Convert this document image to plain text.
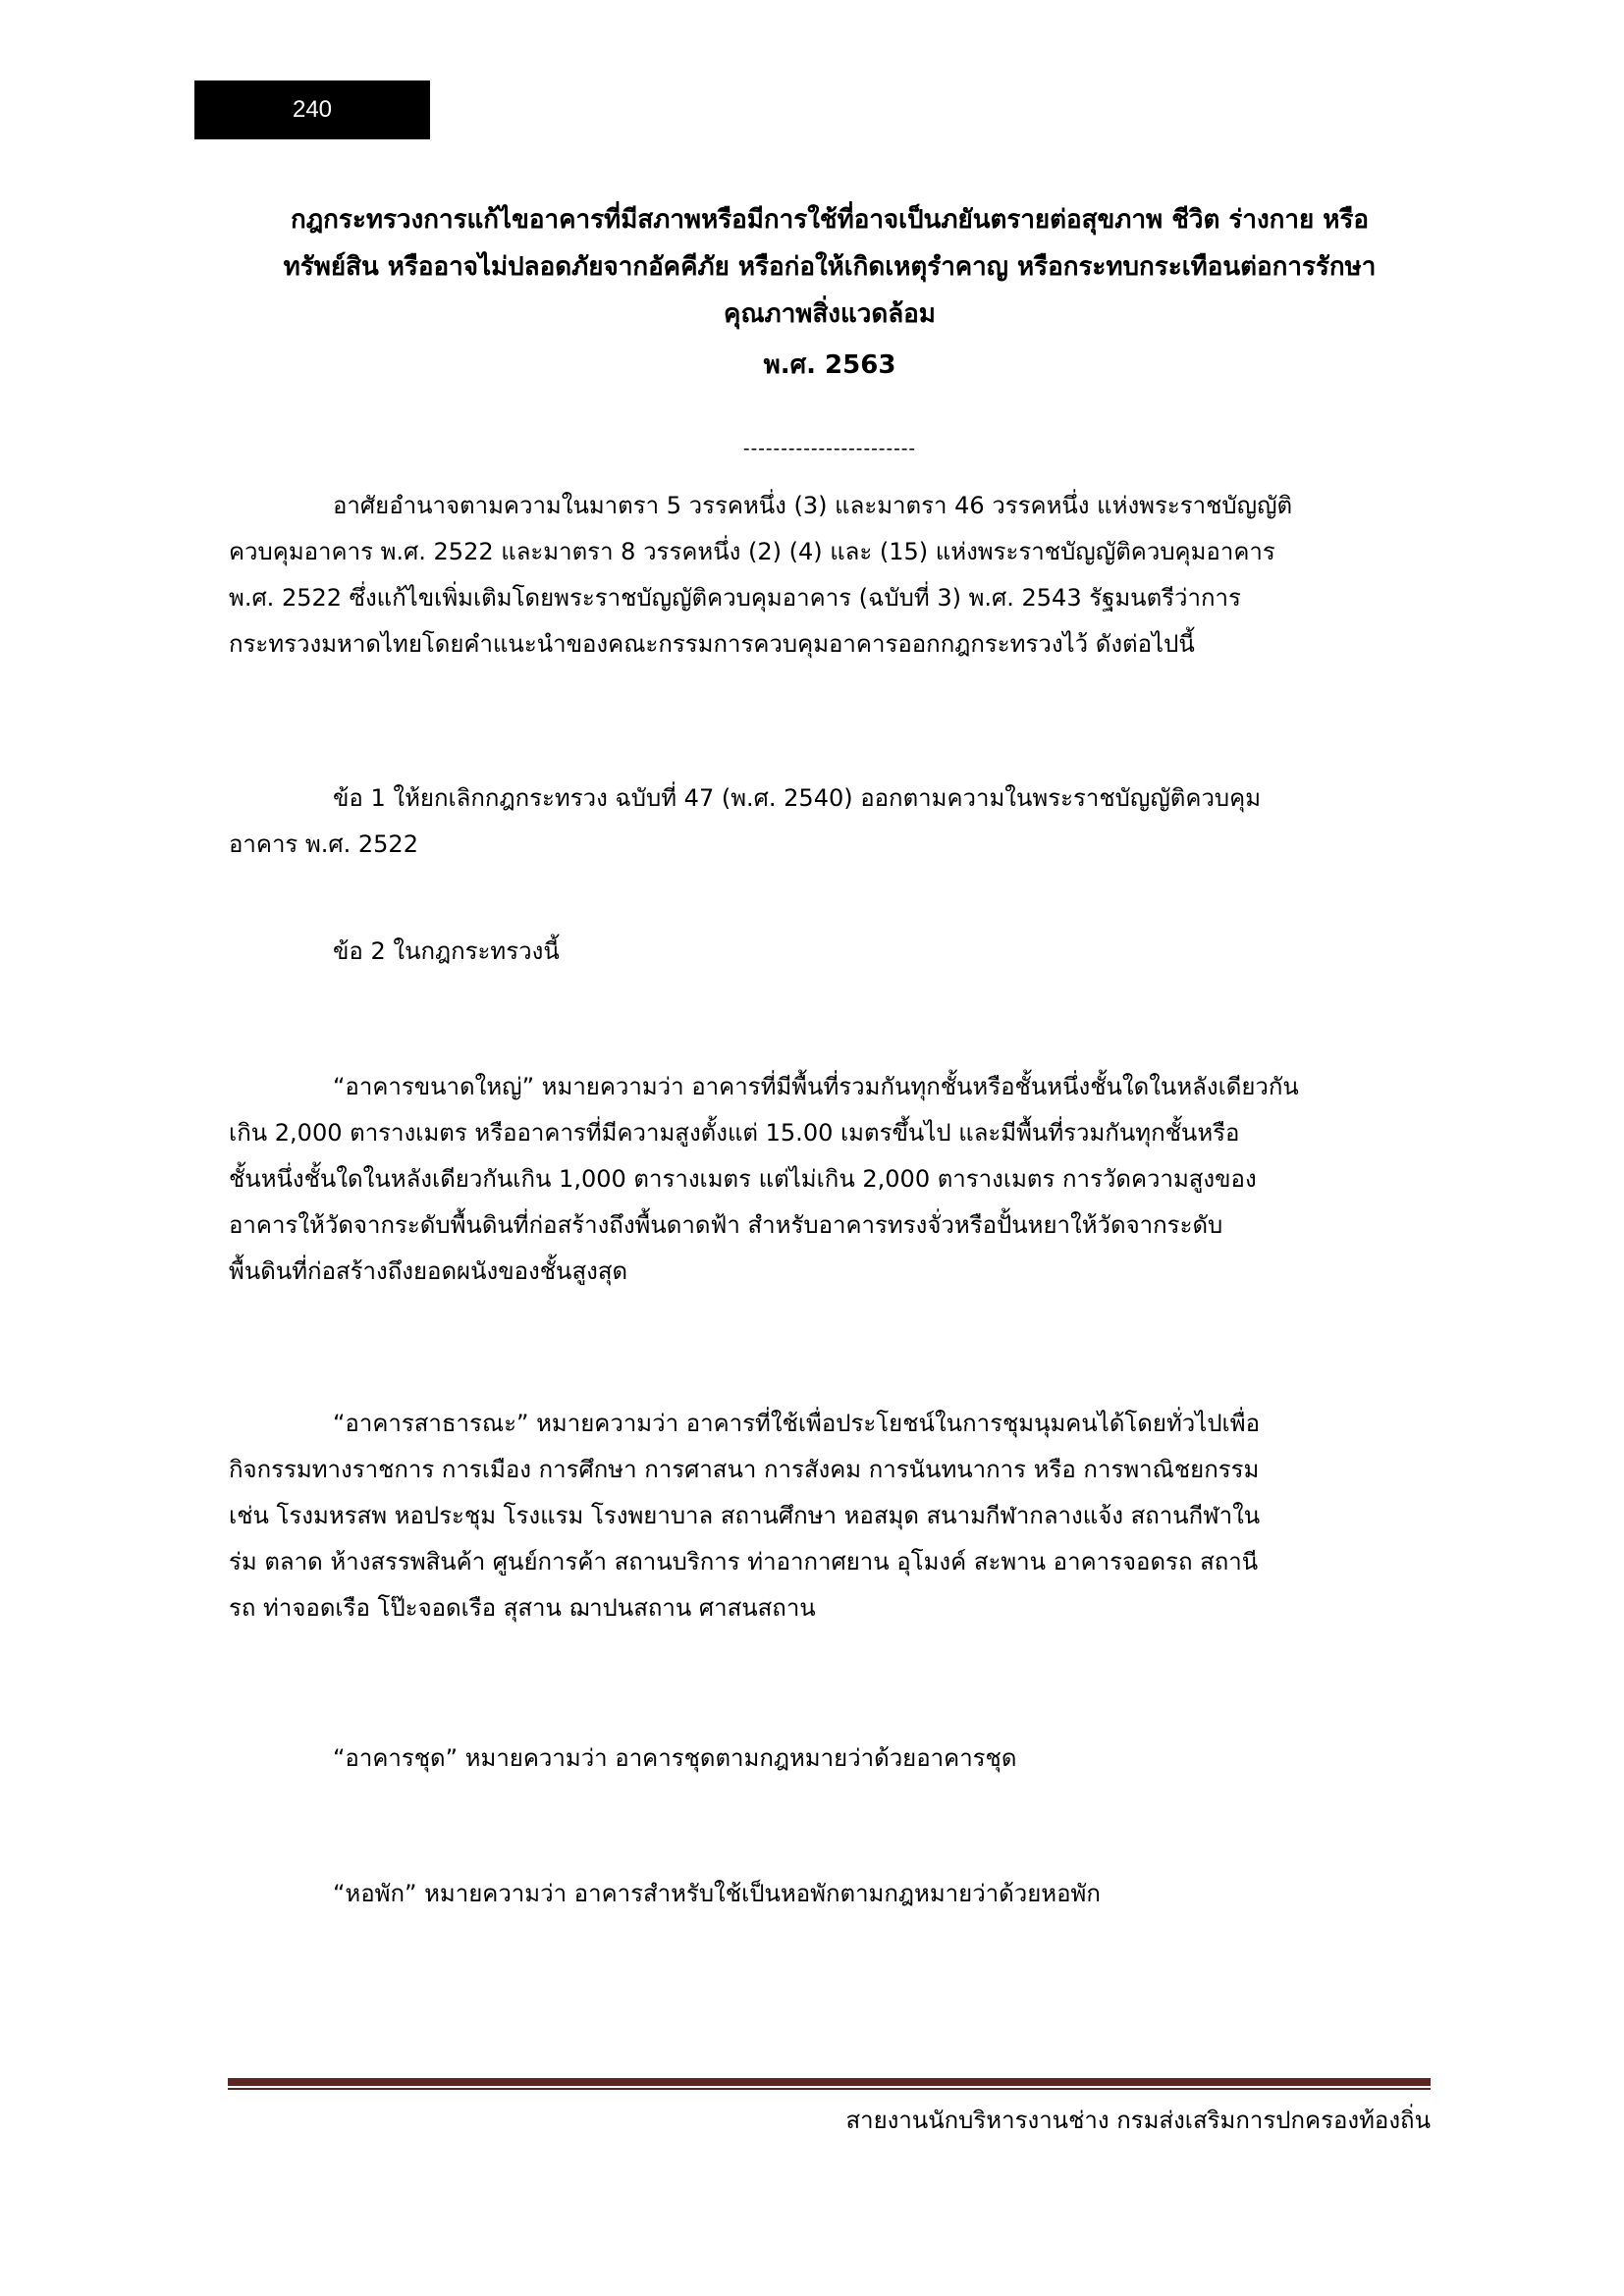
240
กฎกระทรวงการแก้ไขอาคารที่มีสภาพหรือมีการใช้ที่อาจเป็นภยันตรายต่อสุขภาพ ชีวิต ร่างกาย หรือ
ทรัพย์สิน หรืออาจไม่ปลอดภัยจากอัคคีภัย หรือก่อให้เกิดเหตุรำคาญ หรือกระทบกระเทือนต่อการรักษา
คุณภาพสิ่งแวดล้อม
พ.ศ. 2563
-----------------------
อาศัยอำนาจตามความในมาตรา 5 วรรคหนึ่ง (3) และมาตรา 46 วรรคหนึ่ง แห่งพระราชบัญญัติ
ควบคุมอาคาร พ.ศ. 2522 และมาตรา 8 วรรคหนึ่ง (2) (4) และ (15) แห่งพระราชบัญญัติควบคุมอาคาร
พ.ศ. 2522 ซึ่งแก้ไขเพิ่มเติมโดยพระราชบัญญัติควบคุมอาคาร (ฉบับที่ 3) พ.ศ. 2543 รัฐมนตรีว่าการ
กระทรวงมหาดไทยโดยคำแนะนำของคณะกรรมการควบคุมอาคารออกกฎกระทรวงไว้ ดังต่อไปนี้
ข้อ 1 ให้ยกเลิกกฎกระทรวง ฉบับที่ 47 (พ.ศ. 2540) ออกตามความในพระราชบัญญัติควบคุม
อาคาร พ.ศ. 2522
ข้อ 2 ในกฎกระทรวงนี้
“อาคารขนาดใหญ่” หมายความว่า อาคารที่มีพื้นที่รวมกันทุกชั้นหรือชั้นหนึ่งชั้นใดในหลังเดียวกัน
เกิน 2,000 ตารางเมตร หรืออาคารที่มีความสูงตั้งแต่ 15.00 เมตรขึ้นไป และมีพื้นที่รวมกันทุกชั้นหรือ
ชั้นหนึ่งชั้นใดในหลังเดียวกันเกิน 1,000 ตารางเมตร แต่ไม่เกิน 2,000 ตารางเมตร การวัดความสูงของ
อาคารให้วัดจากระดับพื้นดินที่ก่อสร้างถึงพื้นดาดฟ้า สำหรับอาคารทรงจั่วหรือปั้นหยาให้วัดจากระดับ
พื้นดินที่ก่อสร้างถึงยอดผนังของชั้นสูงสุด
“อาคารสาธารณะ” หมายความว่า อาคารที่ใช้เพื่อประโยชน์ในการชุมนุมคนได้โดยทั่วไปเพื่อ
กิจกรรมทางราชการ การเมือง การศึกษา การศาสนา การสังคม การนันทนาการ หรือ การพาณิชยกรรม
เช่น โรงมหรสพ หอประชุม โรงแรม โรงพยาบาล สถานศึกษา หอสมุด สนามกีฬากลางแจ้ง สถานกีฬาใน
ร่ม ตลาด ห้างสรรพสินค้า ศูนย์การค้า สถานบริการ ท่าอากาศยาน อุโมงค์ สะพาน อาคารจอดรถ สถานี
รถ ท่าจอดเรือ โป๊ะจอดเรือ สุสาน ฌาปนสถาน ศาสนสถาน
“อาคารชุด” หมายความว่า อาคารชุดตามกฎหมายว่าด้วยอาคารชุด
“หอพัก” หมายความว่า อาคารสำหรับใช้เป็นหอพักตามกฎหมายว่าด้วยหอพัก
สายงานนักบริหารงานช่าง กรมส่งเสริมการปกครองท้องถิ่น
